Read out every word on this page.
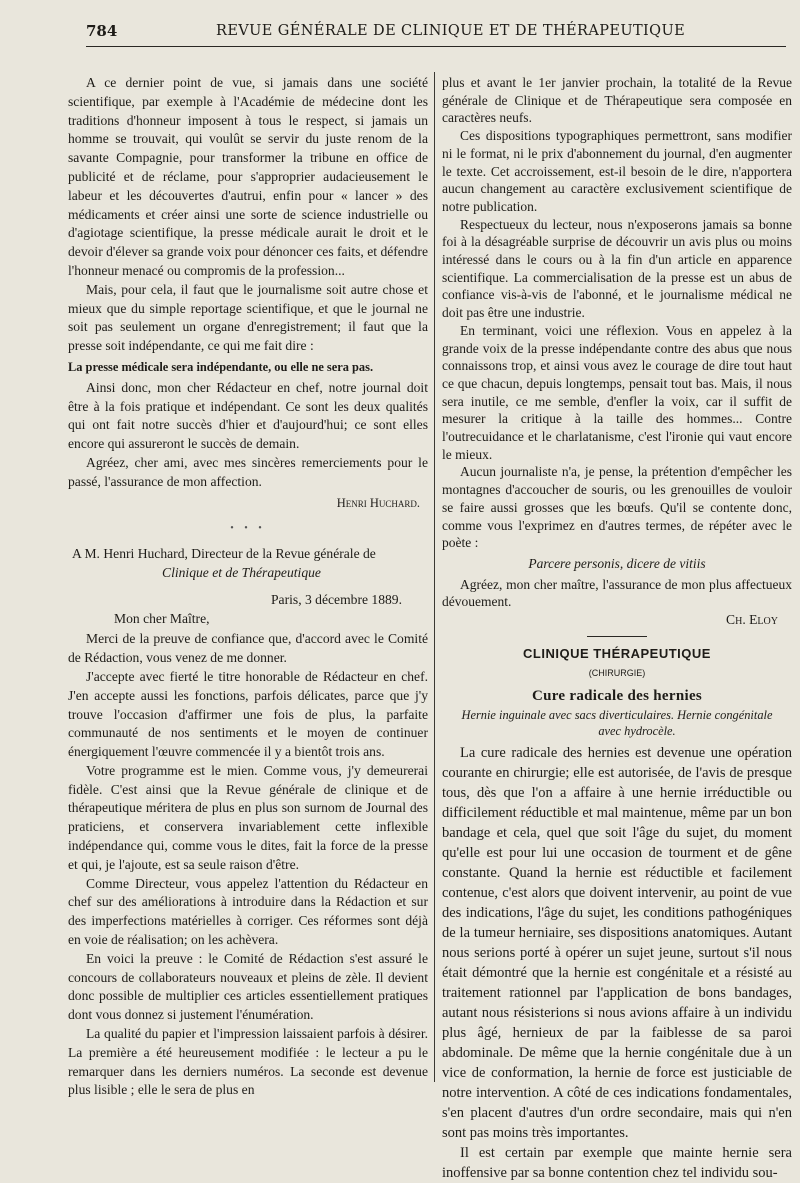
784	REVUE GÉNÉRALE DE CLINIQUE ET DE THÉRAPEUTIQUE

A ce dernier point de vue, si jamais dans une société scientifique, par exemple à l'Académie de médecine dont les traditions d'honneur imposent à tous le respect, si jamais un homme se trouvait, qui voulût se servir du juste renom de la savante Compagnie, pour transformer la tribune en office de publicité et de réclame, pour s'approprier audacieusement le labeur et les découvertes d'autrui, enfin pour « lancer » des médicaments et créer ainsi une sorte de science industrielle ou d'agiotage scientifique, la presse médicale aurait le droit et le devoir d'élever sa grande voix pour dénoncer ces faits, et défendre l'honneur menacé ou compromis de la profession...

Mais, pour cela, il faut que le journalisme soit autre chose et mieux que du simple reportage scientifique, et que le journal ne soit pas seulement un organe d'enregistrement; il faut que la presse soit indépendante, ce qui me fait dire :

La presse médicale sera indépendante, ou elle ne sera pas.

Ainsi donc, mon cher Rédacteur en chef, notre journal doit être à la fois pratique et indépendant. Ce sont les deux qualités qui ont fait notre succès d'hier et d'aujourd'hui; ce sont elles encore qui assureront le succès de demain.

Agréez, cher ami, avec mes sincères remerciements pour le passé, l'assurance de mon affection.

Henri Huchard.

• • •

A M. Henri Huchard, Directeur de la Revue générale de
Clinique et de Thérapeutique

Paris, 3 décembre 1889.

Mon cher Maître,

Merci de la preuve de confiance que, d'accord avec le Comité de Rédaction, vous venez de me donner.

J'accepte avec fierté le titre honorable de Rédacteur en chef. J'en accepte aussi les fonctions, parfois délicates, parce que j'y trouve l'occasion d'affirmer une fois de plus, la parfaite communauté de nos sentiments et le moyen de continuer énergiquement l'œuvre commencée il y a bientôt trois ans.

Votre programme est le mien. Comme vous, j'y demeurerai fidèle. C'est ainsi que la Revue générale de clinique et de thérapeutique méritera de plus en plus son surnom de Journal des praticiens, et conservera invariablement cette inflexible indépendance qui, comme vous le dites, fait la force de la presse et qui, je l'ajoute, est sa seule raison d'être.

Comme Directeur, vous appelez l'attention du Rédacteur en chef sur des améliorations à introduire dans la Rédaction et sur des imperfections matérielles à corriger. Ces réformes sont déjà en voie de réalisation; on les achèvera.

En voici la preuve : le Comité de Rédaction s'est assuré le concours de collaborateurs nouveaux et pleins de zèle. Il devient donc possible de multiplier ces articles essentiellement pratiques dont vous donnez si justement l'énumération.

La qualité du papier et l'impression laissaient parfois à désirer. La première a été heureusement modifiée : le lecteur a pu le remarquer dans les derniers numéros. La seconde est devenue plus lisible ; elle le sera de plus en

plus et avant le 1er janvier prochain, la totalité de la Revue générale de Clinique et de Thérapeutique sera composée en caractères neufs.

Ces dispositions typographiques permettront, sans modifier ni le format, ni le prix d'abonnement du journal, d'en augmenter le texte. Cet accroissement, est-il besoin de le dire, n'apportera aucun changement au caractère exclusivement scientifique de notre publication.

Respectueux du lecteur, nous n'exposerons jamais sa bonne foi à la désagréable surprise de découvrir un avis plus ou moins intéressé dans le cours ou à la fin d'un article en apparence scientifique. La commercialisation de la presse est un abus de confiance vis-à-vis de l'abonné, et le journalisme médical ne doit pas être une industrie.

En terminant, voici une réflexion. Vous en appelez à la grande voix de la presse indépendante contre des abus que nous connaissons trop, et ainsi vous avez le courage de dire tout haut ce que chacun, depuis longtemps, pensait tout bas. Mais, il nous sera inutile, ce me semble, d'enfler la voix, car il suffit de mesurer la critique à la taille des hommes... Contre l'outrecuidance et le charlatanisme, c'est l'ironie qui vaut encore le mieux.

Aucun journaliste n'a, je pense, la prétention d'empêcher les montagnes d'accoucher de souris, ou les grenouilles de vouloir se faire aussi grosses que les bœufs. Qu'il se contente donc, comme vous l'exprimez en d'autres termes, de répéter avec le poète :

Parcere personis, dicere de vitiis

Agréez, mon cher maître, l'assurance de mon plus affectueux dévouement.

Ch. Eloy
CLINIQUE THÉRAPEUTIQUE
(CHIRURGIE)
Cure radicale des hernies
Hernie inguinale avec sacs diverticulaires. Hernie congénitale
avec hydrocèle.

La cure radicale des hernies est devenue une opération courante en chirurgie; elle est autorisée, de l'avis de presque tous, dès que l'on a affaire à une hernie irréductible ou difficilement réductible et mal maintenue, même par un bon bandage et cela, quel que soit l'âge du sujet, du moment qu'elle est pour lui une occasion de tourment et de gêne constante. Quand la hernie est réductible et facilement contenue, c'est alors que doivent intervenir, au point de vue des indications, l'âge du sujet, les conditions pathogéniques de la tumeur herniaire, ses dispositions anatomiques. Autant nous serions porté à opérer un sujet jeune, surtout s'il nous était démontré que la hernie est congénitale et a résisté au traitement rationnel par l'application de bons bandages, autant nous résisterions si nous avions affaire à un individu plus âgé, hernieux de par la faiblesse de sa paroi abdominale. De même que la hernie congénitale due à un vice de conformation, la hernie de force est justiciable de notre intervention. A côté de ces indications fondamentales, s'en placent d'autres d'un ordre secondaire, mais qui n'en sont pas moins très importantes.

Il est certain par exemple que mainte hernie sera inoffensive par sa bonne contention chez tel individu sou-
